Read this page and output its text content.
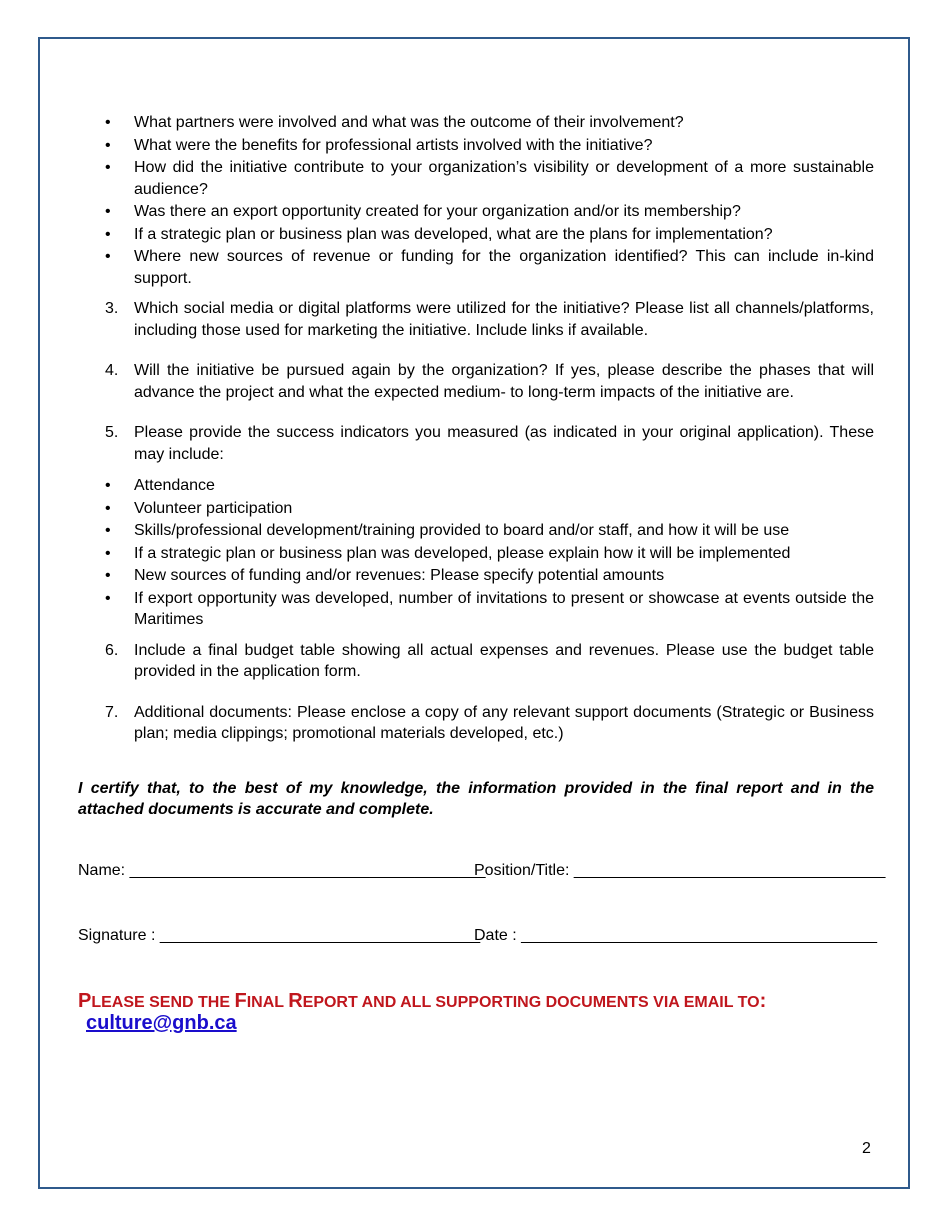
• What partners were involved and what was the outcome of their involvement?
• What were the benefits for professional artists involved with the initiative?
• How did the initiative contribute to your organization’s visibility or development of a more sustainable audience?
• Was there an export opportunity created for your organization and/or its membership?
• If a strategic plan or business plan was developed, what are the plans for implementation?
• Where new sources of revenue or funding for the organization identified? This can include in-kind support.
3. Which social media or digital platforms were utilized for the initiative? Please list all channels/platforms, including those used for marketing the initiative. Include links if available.
4. Will the initiative be pursued again by the organization? If yes, please describe the phases that will advance the project and what the expected medium- to long-term impacts of the initiative are.
5. Please provide the success indicators you measured (as indicated in your original application). These may include:
• Attendance
• Volunteer participation
• Skills/professional development/training provided to board and/or staff, and how it will be use
• If a strategic plan or business plan was developed, please explain how it will be implemented
• New sources of funding and/or revenues: Please specify potential amounts
• If export opportunity was developed, number of invitations to present or showcase at events outside the Maritimes
6. Include a final budget table showing all actual expenses and revenues. Please use the budget table provided in the application form.
7. Additional documents: Please enclose a copy of any relevant support documents (Strategic or Business plan; media clippings; promotional materials developed, etc.)
I certify that, to the best of my knowledge, the information provided in the final report and in the attached documents is accurate and complete.
Name: ________________________________________
Position/Title: ___________________________________
Signature : ____________________________________
Date : ________________________________________
PLEASE SEND THE FINAL REPORT AND ALL SUPPORTING DOCUMENTS VIA EMAIL TO: culture@gnb.ca
2
